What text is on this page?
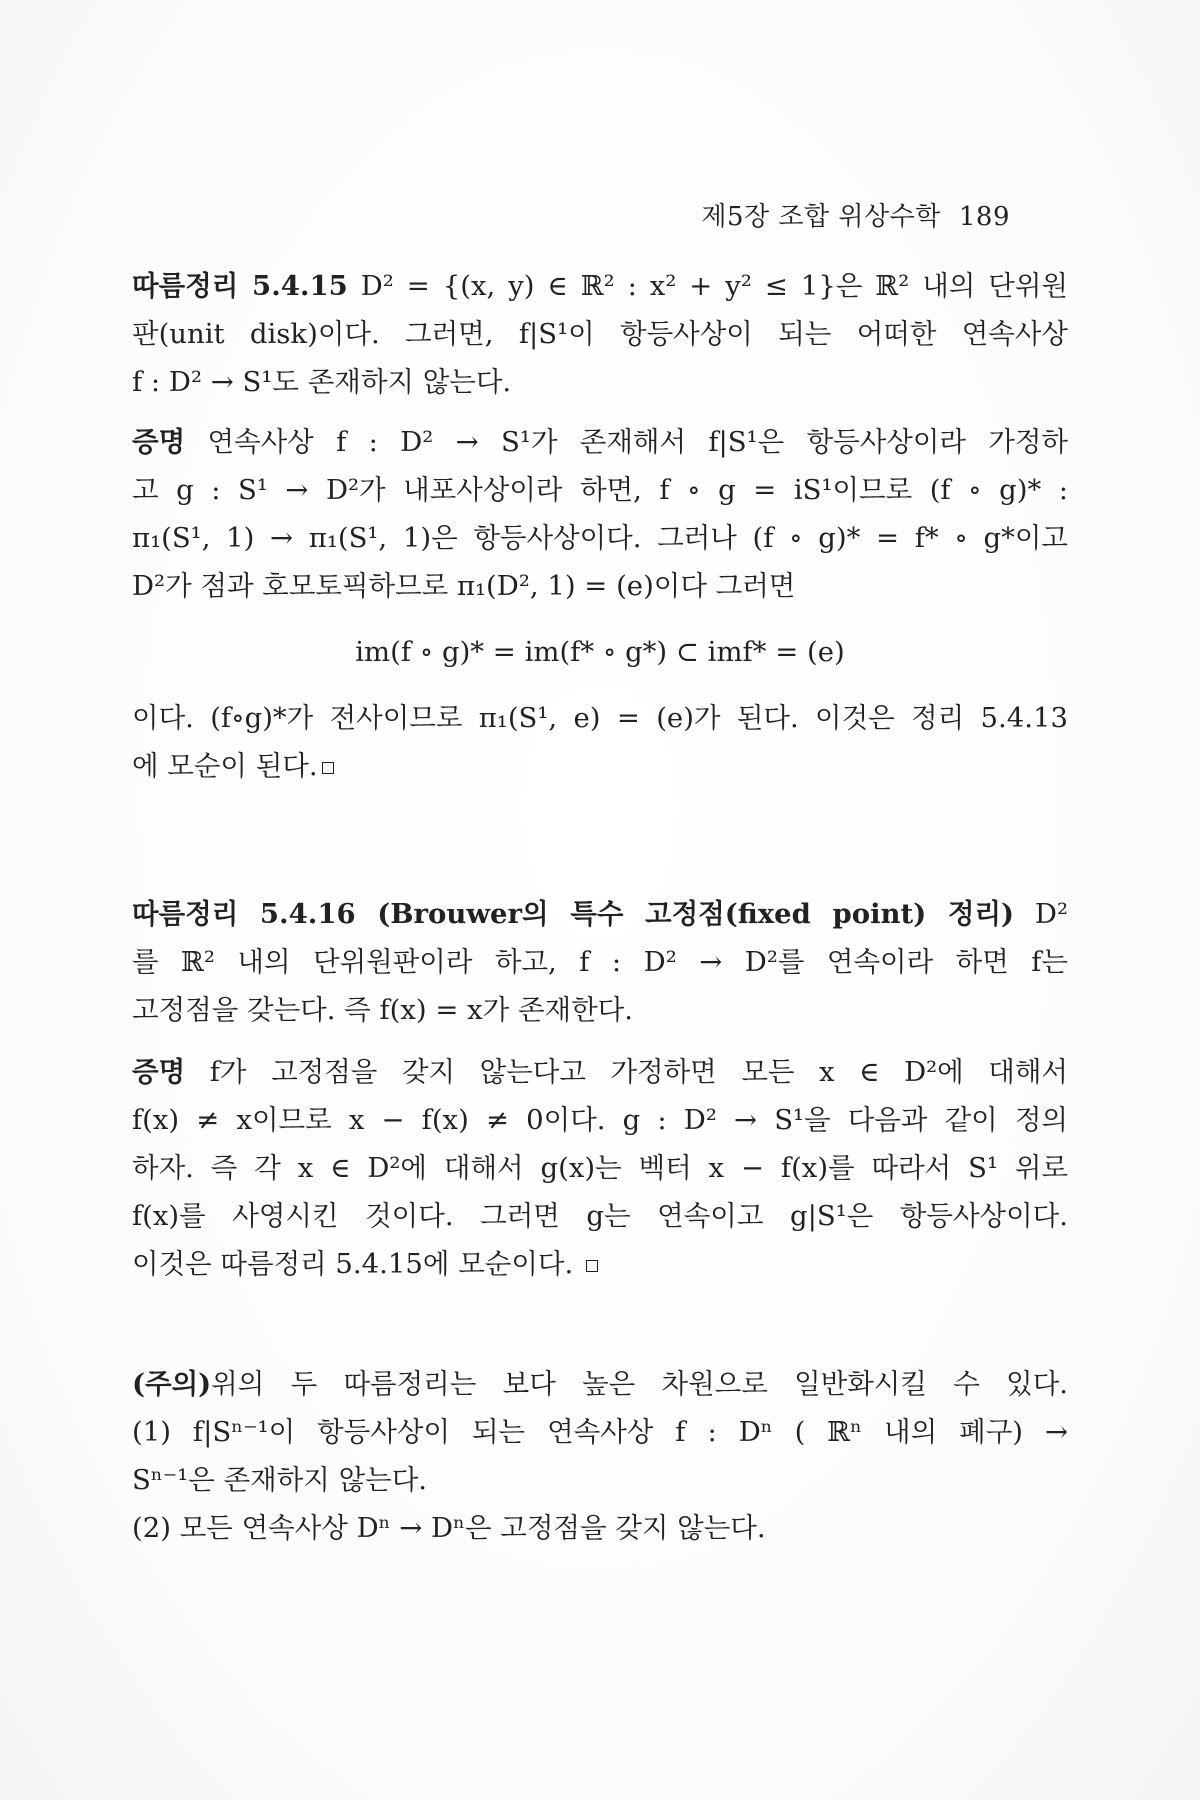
제5장 조합 위상수학 189
따름정리 5.4.15 D² = {(x, y) ∈ ℝ² : x² + y² ≤ 1}은 ℝ² 내의 단위원
판(unit disk)이다. 그러면, f|S¹이 항등사상이 되는 어떠한 연속사상
f : D² → S¹도 존재하지 않는다.
증명 연속사상 f : D² → S¹가 존재해서 f|S¹은 항등사상이라 가정하
고 g : S¹ → D²가 내포사상이라 하면, f ∘ g = iS¹이므로 (f ∘ g)* :
π₁(S¹, 1) → π₁(S¹, 1)은 항등사상이다. 그러나 (f ∘ g)* = f* ∘ g*이고
D²가 점과 호모토픽하므로 π₁(D², 1) = (e)이다 그러면
im(f ∘ g)* = im(f* ∘ g*) ⊂ imf* = (e)
이다. (f∘g)*가 전사이므로 π₁(S¹, e) = (e)가 된다. 이것은 정리 5.4.13
에 모순이 된다.
따름정리 5.4.16 (Brouwer의 특수 고정점(fixed point) 정리) D²
를 ℝ² 내의 단위원판이라 하고, f : D² → D²를 연속이라 하면 f는
고정점을 갖는다. 즉 f(x) = x가 존재한다.
증명 f가 고정점을 갖지 않는다고 가정하면 모든 x ∈ D²에 대해서
f(x) ≠ x이므로 x − f(x) ≠ 0이다. g : D² → S¹을 다음과 같이 정의
하자. 즉 각 x ∈ D²에 대해서 g(x)는 벡터 x − f(x)를 따라서 S¹ 위로
f(x)를 사영시킨 것이다. 그러면 g는 연속이고 g|S¹은 항등사상이다.
이것은 따름정리 5.4.15에 모순이다.
(주의)위의 두 따름정리는 보다 높은 차원으로 일반화시킬 수 있다.
(1) f|Sⁿ⁻¹이 항등사상이 되는 연속사상 f : Dⁿ ( ℝⁿ 내의 폐구) →
Sⁿ⁻¹은 존재하지 않는다.
(2) 모든 연속사상 Dⁿ → Dⁿ은 고정점을 갖지 않는다.
